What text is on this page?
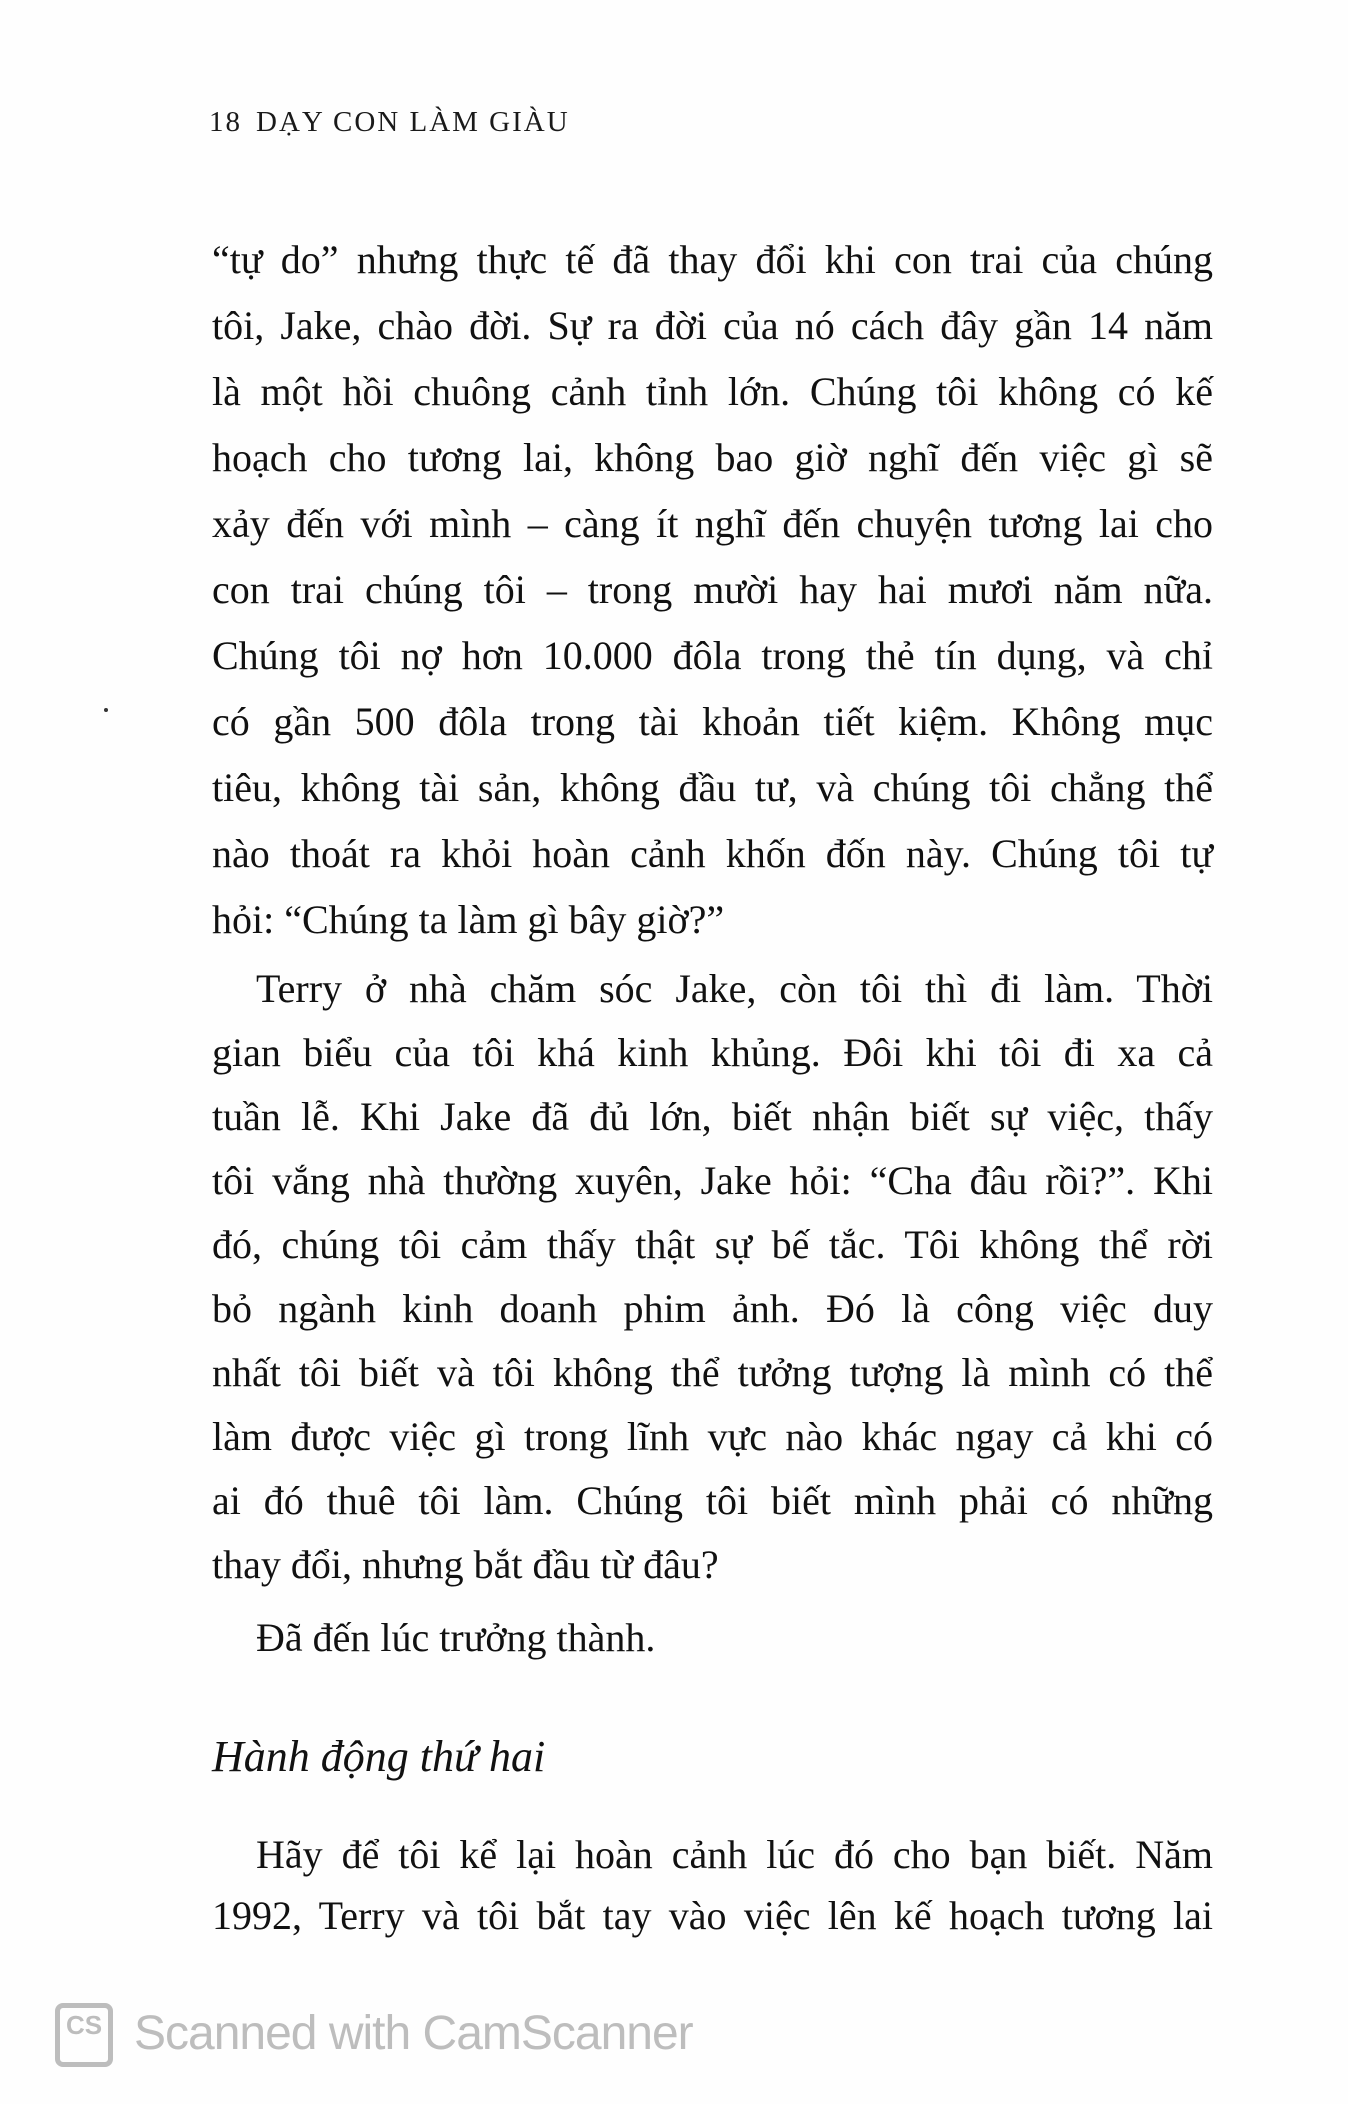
18 DẠY CON LÀM GIÀU
“tự do” nhưng thực tế đã thay đổi khi con trai của chúng
tôi, Jake, chào đời. Sự ra đời của nó cách đây gần 14 năm
là một hồi chuông cảnh tỉnh lớn. Chúng tôi không có kế
hoạch cho tương lai, không bao giờ nghĩ đến việc gì sẽ
xảy đến với mình – càng ít nghĩ đến chuyện tương lai cho
con trai chúng tôi – trong mười hay hai mươi năm nữa.
Chúng tôi nợ hơn 10.000 đôla trong thẻ tín dụng, và chỉ
có gần 500 đôla trong tài khoản tiết kiệm. Không mục
tiêu, không tài sản, không đầu tư, và chúng tôi chẳng thể
nào thoát ra khỏi hoàn cảnh khốn đốn này. Chúng tôi tự
hỏi: “Chúng ta làm gì bây giờ?”
Terry ở nhà chăm sóc Jake, còn tôi thì đi làm. Thời
gian biểu của tôi khá kinh khủng. Đôi khi tôi đi xa cả
tuần lễ. Khi Jake đã đủ lớn, biết nhận biết sự việc, thấy
tôi vắng nhà thường xuyên, Jake hỏi: “Cha đâu rồi?”. Khi
đó, chúng tôi cảm thấy thật sự bế tắc. Tôi không thể rời
bỏ ngành kinh doanh phim ảnh. Đó là công việc duy
nhất tôi biết và tôi không thể tưởng tượng là mình có thể
làm được việc gì trong lĩnh vực nào khác ngay cả khi có
ai đó thuê tôi làm. Chúng tôi biết mình phải có những
thay đổi, nhưng bắt đầu từ đâu?
Đã đến lúc trưởng thành.
Hãy để tôi kể lại hoàn cảnh lúc đó cho bạn biết. Năm
1992, Terry và tôi bắt tay vào việc lên kế hoạch tương lai
Hành động thứ hai
CS Scanned with CamScanner
